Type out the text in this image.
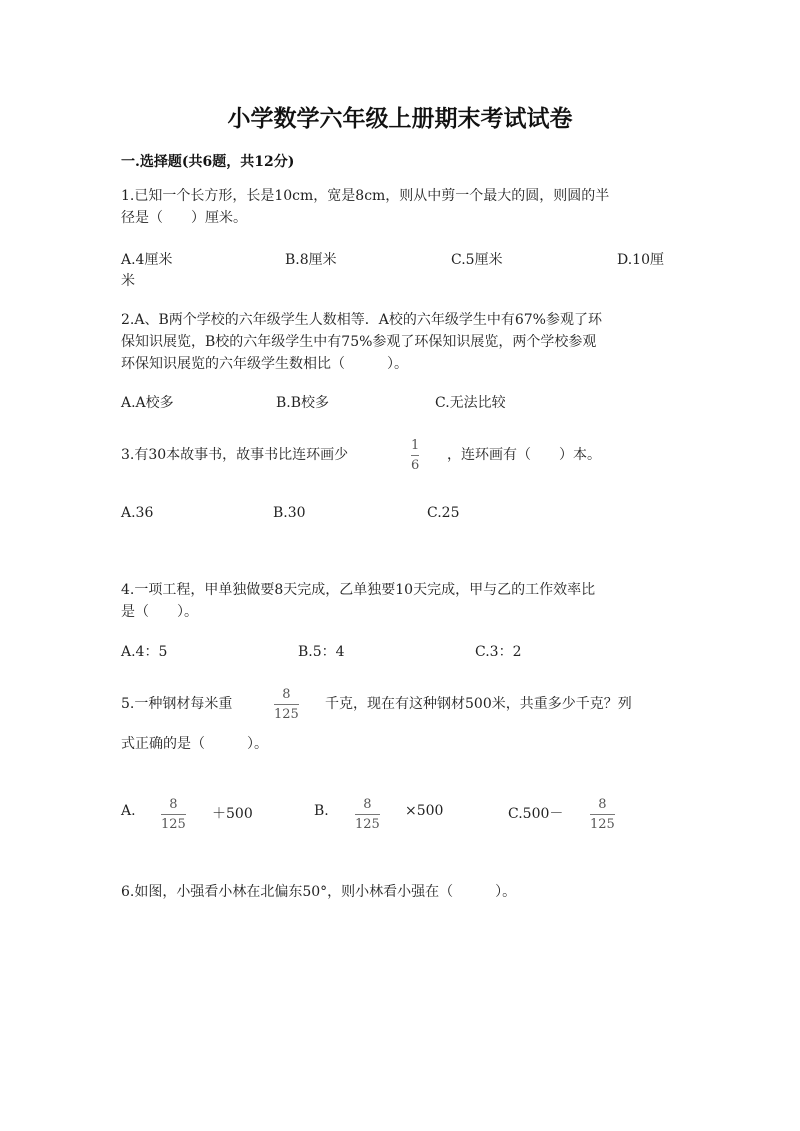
小学数学六年级上册期末考试试卷
一.选择题(共6题，共12分)
1.已知一个长方形，长是10cm，宽是8cm，则从中剪一个最大的圆，则圆的半
径是（　　）厘米。
A.4厘米	B.8厘米	C.5厘米	D.10厘
米
2.A、B两个学校的六年级学生人数相等．A校的六年级学生中有67%参观了环
保知识展览，B校的六年级学生中有75%参观了环保知识展览，两个学校参观
环保知识展览的六年级学生数相比（　　　）。
A.A校多	B.B校多	C.无法比较
3.有30本故事书，故事书比连环画少
1
6
，连环画有（　　）本。
A.36	B.30	C.25
4.一项工程，甲单独做要8天完成，乙单独要10天完成，甲与乙的工作效率比
是（　　）。
A.4：5	B.5：4	C.3：2
5.一种钢材每米重
8
125
千克，现在有这种钢材500米，共重多少千克？列
式正确的是（　　　）。
A.	8
125
＋500	B.	8
125
×500	C.500－
8
125
6.如图，小强看小林在北偏东50°，则小林看小强在（　　　）。
